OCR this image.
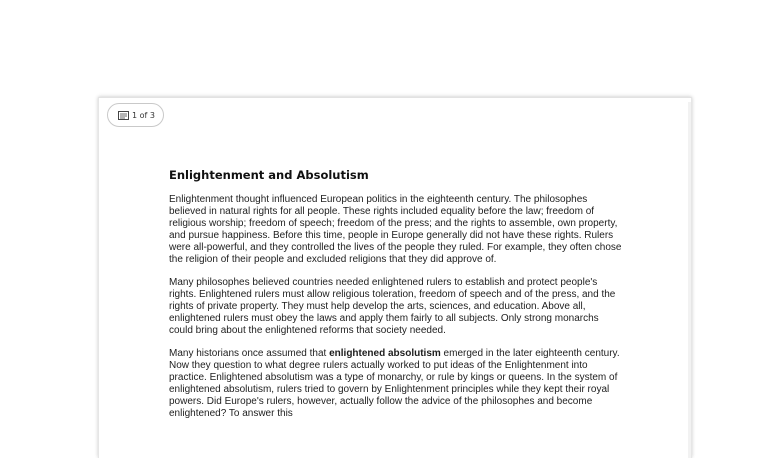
1 of 3
Enlightenment and Absolutism

Enlightenment thought influenced European politics in the eighteenth century. The philosophes believed in natural rights for all people. These rights included equality before the law; freedom of religious worship; freedom of speech; freedom of the press; and the rights to assemble, own property, and pursue happiness. Before this time, people in Europe generally did not have these rights. Rulers were all-powerful, and they controlled the lives of the people they ruled. For example, they often chose the religion of their people and excluded religions that they did approve of.

Many philosophes believed countries needed enlightened rulers to establish and protect people's rights. Enlightened rulers must allow religious toleration, freedom of speech and of the press, and the rights of private property. They must help develop the arts, sciences, and education. Above all, enlightened rulers must obey the laws and apply them fairly to all subjects. Only strong monarchs could bring about the enlightened reforms that society needed.

Many historians once assumed that enlightened absolutism emerged in the later eighteenth century. Now they question to what degree rulers actually worked to put ideas of the Enlightenment into practice. Enlightened absolutism was a type of monarchy, or rule by kings or queens. In the system of enlightened absolutism, rulers tried to govern by Enlightenment principles while they kept their royal powers. Did Europe's rulers, however, actually follow the advice of the philosophes and become enlightened? To answer this
